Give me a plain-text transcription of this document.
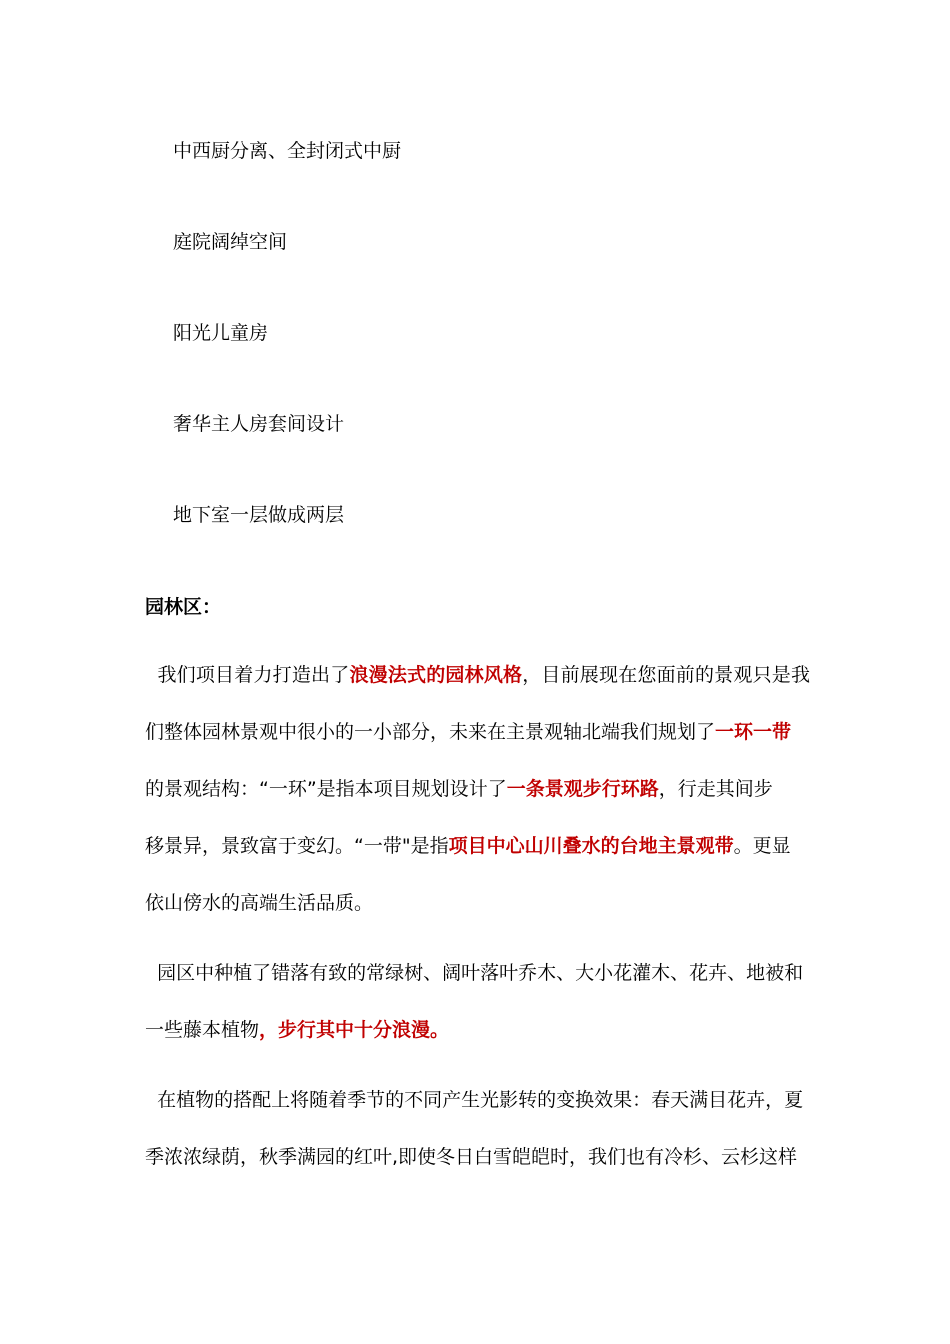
中西厨分离、全封闭式中厨
庭院阔绰空间
阳光儿童房
奢华主人房套间设计
地下室一层做成两层
园林区：
我们项目着力打造出了浪漫法式的园林风格，目前展现在您面前的景观只是我
们整体园林景观中很小的一小部分，未来在主景观轴北端我们规划了一环一带
的景观结构：“一环”是指本项目规划设计了一条景观步行环路，行走其间步
移景异，景致富于变幻。“一带"是指项目中心山川叠水的台地主景观带。更显
依山傍水的高端生活品质。
园区中种植了错落有致的常绿树、阔叶落叶乔木、大小花灌木、花卉、地被和
一些藤本植物，步行其中十分浪漫。
在植物的搭配上将随着季节的不同产生光影转的变换效果：春天满目花卉，夏
季浓浓绿荫，秋季满园的红叶,即使冬日白雪皑皑时，我们也有冷杉、云杉这样
